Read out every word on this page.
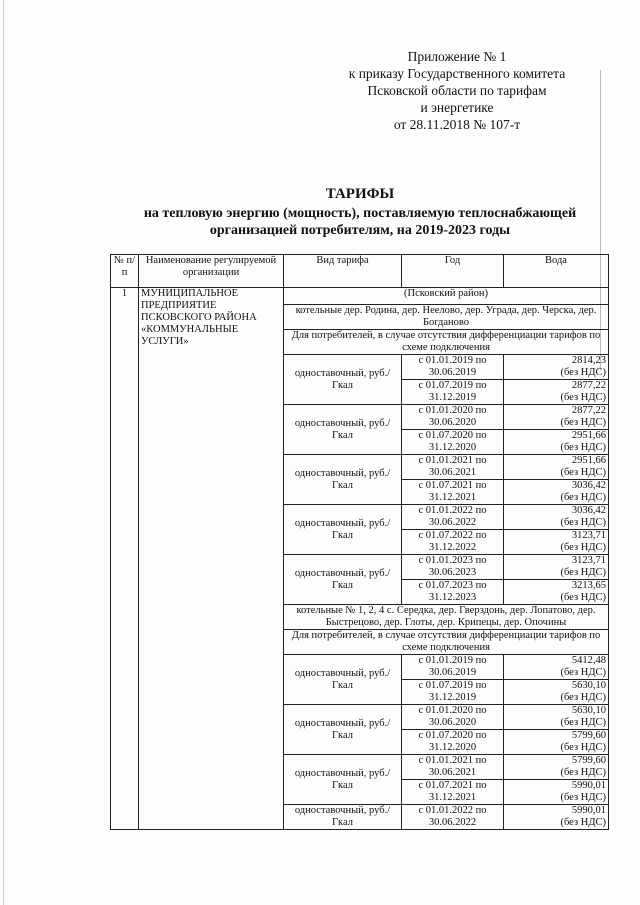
Приложение № 1
к приказу Государственного комитета
Псковской области по тарифам
и энергетике
от 28.11.2018 № 107-т
ТАРИФЫ
на тепловую энергию (мощность), поставляемую теплоснабжающей
организацией потребителям, на 2019-2023 годы
№ п/п	Наименование регулируемой организации	Вид тарифа	Год	Вода
1	МУНИЦИПАЛЬНОЕ ПРЕДПРИЯТИЕ ПСКОВСКОГО РАЙОНА «КОММУНАЛЬНЫЕ УСЛУГИ»	(Псковский район)		
		котельные дер. Родина, дер. Неелово, дер. Уграда, дер. Черска, дер. Богданово		
		Для потребителей, в случае отсутствия дифференциации тарифов по схеме подключения		
		одноставочный, руб./Гкал	с 01.01.2019 по 30.06.2019	2814,23
(без НДС)

			с 01.07.2019 по 31.12.2019	2877,22
(без НДС)

		одноставочный, руб./Гкал	с 01.01.2020 по 30.06.2020	2877,22
(без НДС)

			с 01.07.2020 по 31.12.2020	2951,66
(без НДС)

		одноставочный, руб./Гкал	с 01.01.2021 по 30.06.2021	2951,66
(без НДС)

			с 01.07.2021 по 31.12.2021	3036,42
(без НДС)

		одноставочный, руб./Гкал	с 01.01.2022 по 30.06.2022	3036,42
(без НДС)

			с 01.07.2022 по 31.12.2022	3123,71
(без НДС)

		одноставочный, руб./Гкал	с 01.01.2023 по 30.06.2023	3123,71
(без НДС)

			с 01.07.2023 по 31.12.2023	3213,65
(без НДС)

		котельные № 1, 2, 4 с. Середка, дер. Гверздонь, дер. Лопатово, дер. Быстрецово, дер. Глоты, дер. Крипецы, дер. Опочины		
		Для потребителей, в случае отсутствия дифференциации тарифов по схеме подключения		
		одноставочный, руб./Гкал	с 01.01.2019 по 30.06.2019	5412,48
(без НДС)

			с 01.07.2019 по 31.12.2019	5630,10
(без НДС)

		одноставочный, руб./Гкал	с 01.01.2020 по 30.06.2020	5630,10
(без НДС)

			с 01.07.2020 по 31.12.2020	5799,60
(без НДС)

		одноставочный, руб./Гкал	с 01.01.2021 по 30.06.2021	5799,60
(без НДС)

			с 01.07.2021 по 31.12.2021	5990,01
(без НДС)

		одноставочный, руб./Гкал	с 01.01.2022 по 30.06.2022	5990,01
(без НДС)
